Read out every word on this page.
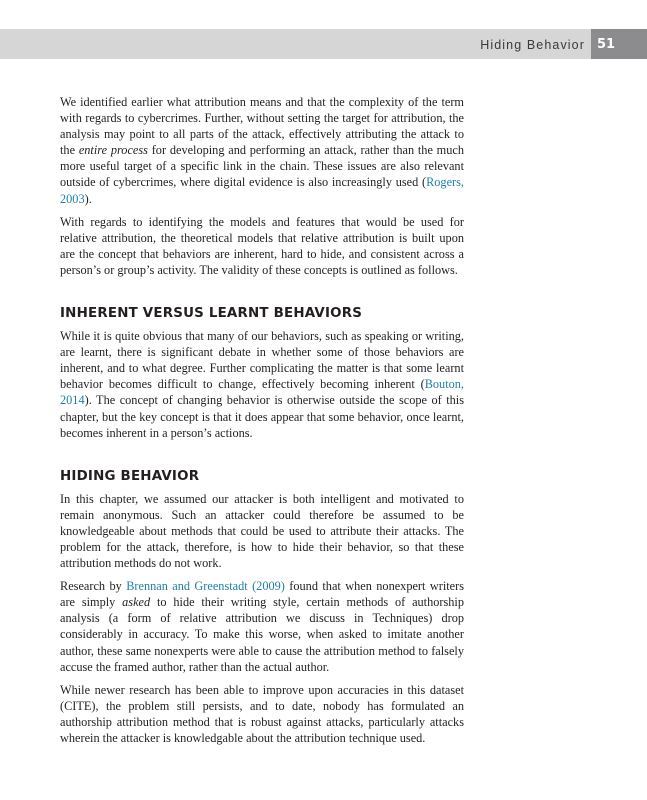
Hiding Behavior 51

We identified earlier what attribution means and that the complexity of the term with regards to cybercrimes. Further, without setting the target for attribution, the analysis may point to all parts of the attack, effectively attributing the attack to the entire process for developing and performing an attack, rather than the much more useful target of a specific link in the chain. These issues are also relevant outside of cybercrimes, where digital evidence is also increasingly used (Rogers, 2003).

With regards to identifying the models and features that would be used for relative attribution, the theoretical models that relative attribution is built upon are the concept that behaviors are inherent, hard to hide, and consistent across a person’s or group’s activity. The validity of these concepts is outlined as follows.

INHERENT VERSUS LEARNT BEHAVIORS

While it is quite obvious that many of our behaviors, such as speaking or writing, are learnt, there is significant debate in whether some of those behaviors are inherent, and to what degree. Further complicating the matter is that some learnt behavior becomes difficult to change, effectively becoming inherent (Bouton, 2014). The concept of changing behavior is otherwise outside the scope of this chapter, but the key concept is that it does appear that some behavior, once learnt, becomes inherent in a person’s actions.

HIDING BEHAVIOR

In this chapter, we assumed our attacker is both intelligent and motivated to remain anonymous. Such an attacker could therefore be assumed to be knowledgeable about methods that could be used to attribute their attacks. The problem for the attack, therefore, is how to hide their behavior, so that these attribution methods do not work.

Research by Brennan and Greenstadt (2009) found that when nonexpert writers are simply asked to hide their writing style, certain methods of authorship analysis (a form of relative attribution we discuss in Techniques) drop considerably in accuracy. To make this worse, when asked to imitate another author, these same nonexperts were able to cause the attribution method to falsely accuse the framed author, rather than the actual author.

While newer research has been able to improve upon accuracies in this dataset (CITE), the problem still persists, and to date, nobody has formulated an authorship attribution method that is robust against attacks, particularly attacks wherein the attacker is knowledgable about the attribution technique used.
